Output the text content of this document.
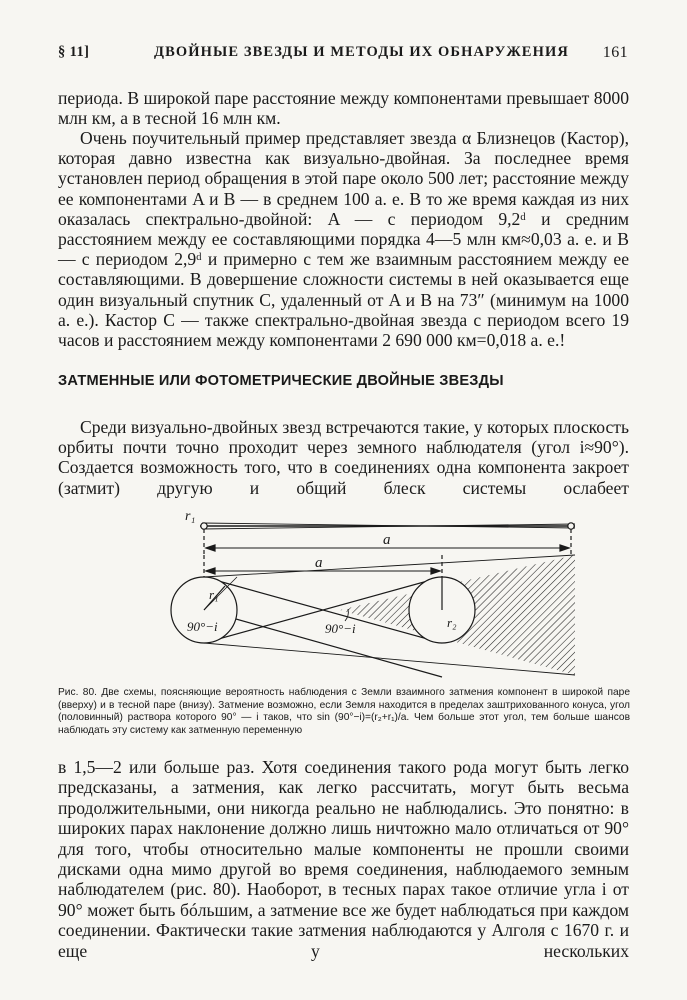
§ 11]	ДВОЙНЫЕ ЗВЕЗДЫ И МЕТОДЫ ИХ ОБНАРУЖЕНИЯ 161

периода. В широкой паре расстояние между компонентами превышает 8000 млн км, а в тесной 16 млн км.

Очень поучительный пример представляет звезда α Близнецов (Кастор), которая давно известна как визуально-двойная. За последнее время установлен период обращения в этой паре около 500 лет; расстояние между ее компонентами A и B — в среднем 100 а. е. В то же время каждая из них оказалась спектрально-двойной: A — с периодом 9,2ᵈ и средним расстоянием между ее составляющими порядка 4—5 млн км≈0,03 а. е. и B — с периодом 2,9ᵈ и примерно с тем же взаимным расстоянием между ее составляющими. В довершение сложности системы в ней оказывается еще один визуальный спутник C, удаленный от A и B на 73″ (минимум на 1000 а. е.). Кастор C — также спектрально-двойная звезда с периодом всего 19 часов и расстоянием между компонентами 2 690 000 км=0,018 а. е.!

ЗАТМЕННЫЕ ИЛИ ФОТОМЕТРИЧЕСКИЕ ДВОЙНЫЕ ЗВЕЗДЫ

Среди визуально-двойных звезд встречаются такие, у которых плоскость орбиты почти точно проходит через земного наблюдателя (угол i≈90°). Создается возможность того, что в соединениях одна компонента закроет (затмит) другую и общий блеск системы ослабеет

r₁
a
a
r₁
90°−i	90°−i	r₂

Рис. 80. Две схемы, поясняющие вероятность наблюдения с Земли взаимного затмения компонент в широкой паре (вверху) и в тесной паре (внизу). Затмение возможно, если Земля находится в пределах заштрихованного конуса, угол (половинный) раствора которого 90° — i таков, что sin (90°−i)=(r₂+r₁)/a. Чем больше этот угол, тем больше шансов наблюдать эту систему как затменную переменную

в 1,5—2 или больше раз. Хотя соединения такого рода могут быть легко предсказаны, а затмения, как легко рассчитать, могут быть весьма продолжительными, они никогда реально не наблюдались. Это понятно: в широких парах наклонение должно лишь ничтожно мало отличаться от 90° для того, чтобы относительно малые компоненты не прошли своими дисками одна мимо другой во время соединения, наблюдаемого земным наблюдателем (рис. 80). Наоборот, в тесных парах такое отличие угла i от 90° может быть бóльшим, а затмение все же будет наблюдаться при каждом соединении. Фактически такие затмения наблюдаются у Алголя с 1670 г. и еще у нескольких
